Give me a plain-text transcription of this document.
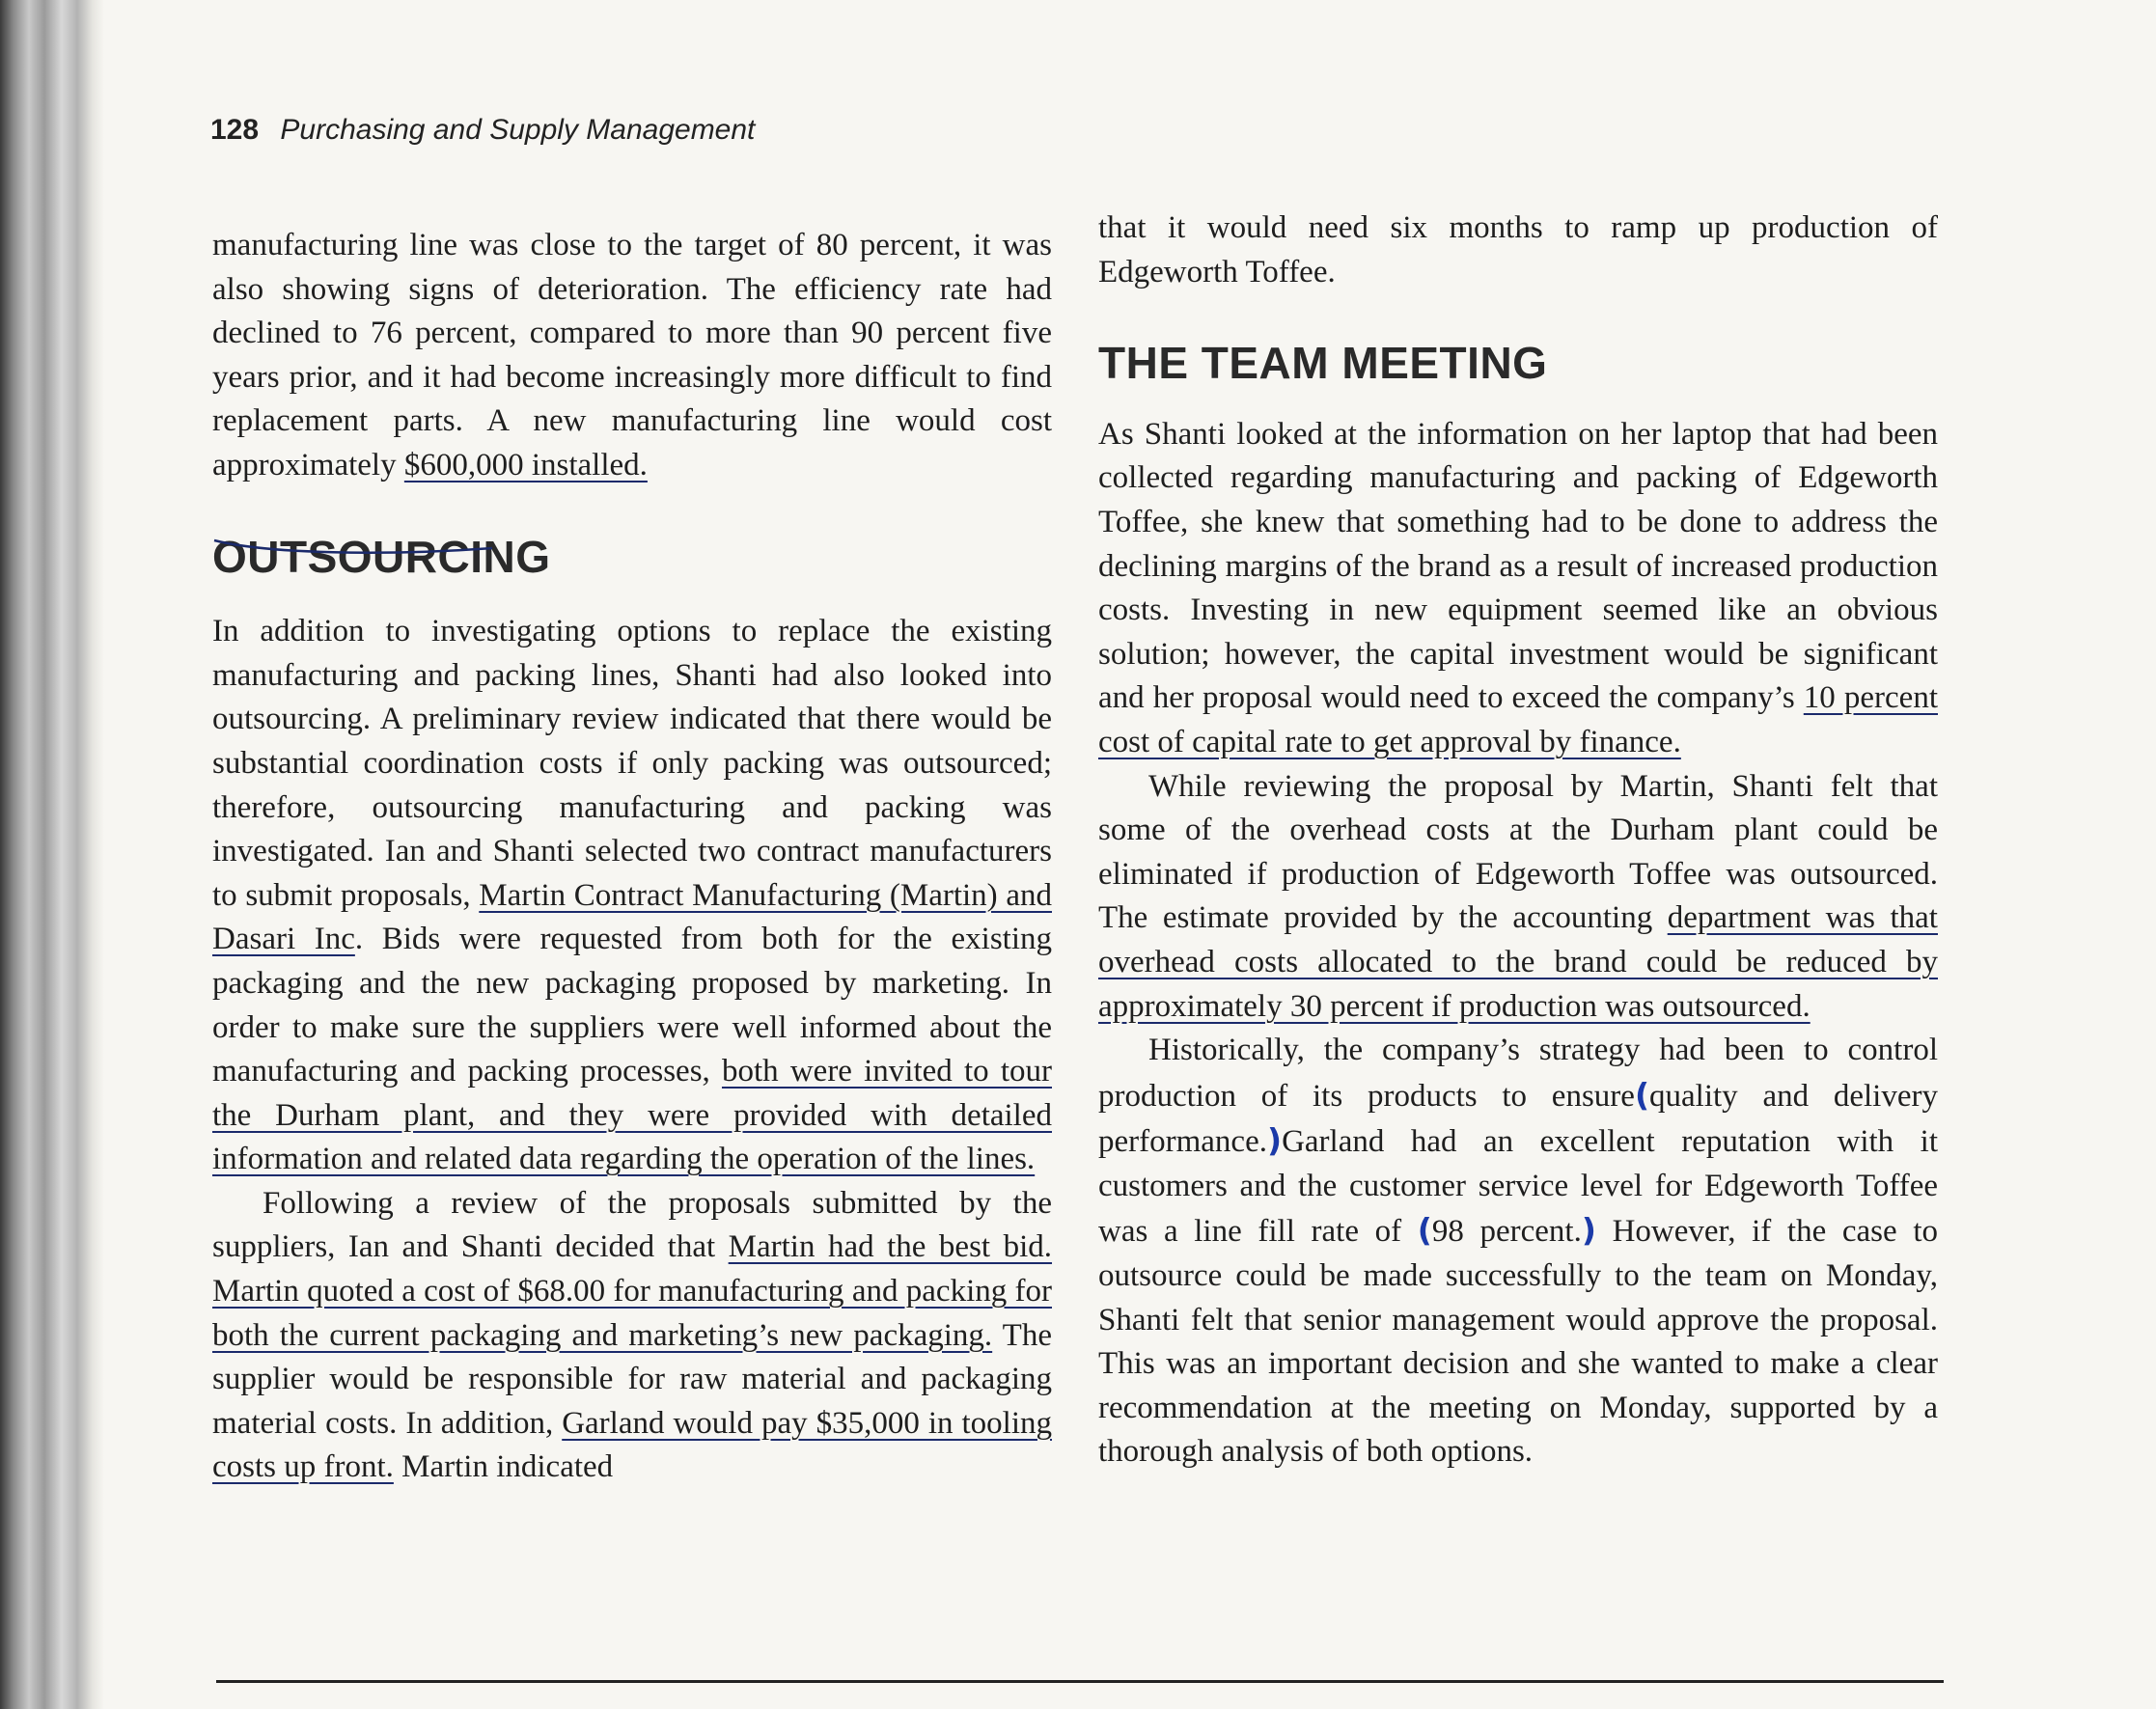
128 Purchasing and Supply Management

manufacturing line was close to the target of 80 percent, it was also showing signs of deterioration. The efficiency rate had declined to 76 percent, compared to more than 90 percent five years prior, and it had become increasingly more difficult to find replacement parts. A new manufacturing line would cost approximately $600,000 installed.

OUTSOURCING

In addition to investigating options to replace the existing manufacturing and packing lines, Shanti had also looked into outsourcing. A preliminary review indicated that there would be substantial coordination costs if only packing was outsourced; therefore, outsourcing manufacturing and packing was investigated. Ian and Shanti selected two contract manufacturers to submit proposals, Martin Contract Manufacturing (Martin) and Dasari Inc. Bids were requested from both for the existing packaging and the new packaging proposed by marketing. In order to make sure the suppliers were well informed about the manufacturing and packing processes, both were invited to tour the Durham plant, and they were provided with detailed information and related data regarding the operation of the lines.

Following a review of the proposals submitted by the suppliers, Ian and Shanti decided that Martin had the best bid. Martin quoted a cost of $68.00 for manufacturing and packing for both the current packaging and marketing’s new packaging. The supplier would be responsible for raw material and packaging material costs. In addition, Garland would pay $35,000 in tooling costs up front. Martin indicated

that it would need six months to ramp up production of Edgeworth Toffee.

THE TEAM MEETING

As Shanti looked at the information on her laptop that had been collected regarding manufacturing and packing of Edgeworth Toffee, she knew that something had to be done to address the declining margins of the brand as a result of increased production costs. Investing in new equipment seemed like an obvious solution; however, the capital investment would be significant and her proposal would need to exceed the company’s 10 percent cost of capital rate to get approval by finance.

While reviewing the proposal by Martin, Shanti felt that some of the overhead costs at the Durham plant could be eliminated if production of Edgeworth Toffee was outsourced. The estimate provided by the accounting department was that overhead costs allocated to the brand could be reduced by approximately 30 percent if production was outsourced.

Historically, the company’s strategy had been to control production of its products to ensure(quality and delivery performance.)Garland had an excellent reputation with it customers and the customer service level for Edgeworth Toffee was a line fill rate of (98 percent.) However, if the case to outsource could be made successfully to the team on Monday, Shanti felt that senior management would approve the proposal. This was an important decision and she wanted to make a clear recommendation at the meeting on Monday, supported by a thorough analysis of both options.
